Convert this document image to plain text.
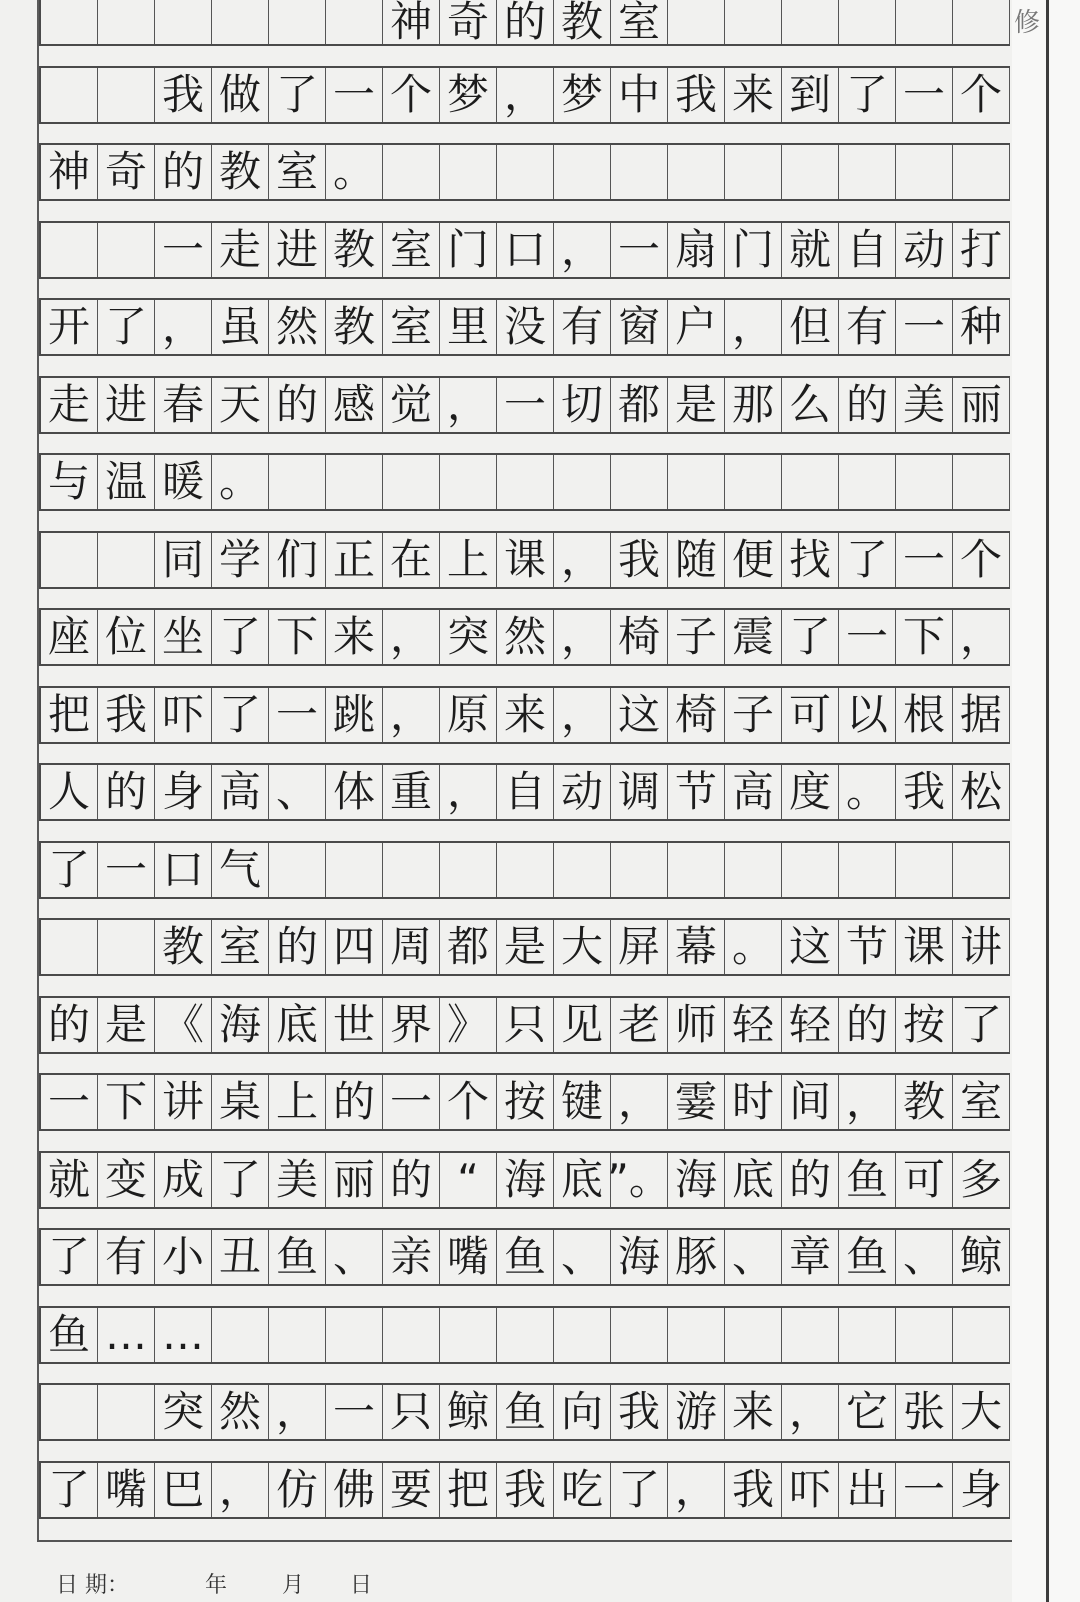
修
神 奇 的 教 室
我 做 了 一 个 梦 ， 梦 中 我 来 到 了 一 个
神 奇 的 教 室 。
一 走 进 教 室 门 口 ， 一 扇 门 就 自 动 打
开 了 ， 虽 然 教 室 里 没 有 窗 户 ， 但 有 一 种
走 进 春 天 的 感 觉 ， 一 切 都 是 那 么 的 美 丽
与 温 暖 。
同 学 们 正 在 上 课 ， 我 随 便 找 了 一 个
座 位 坐 了 下 来 ， 突 然 ， 椅 子 震 了 一 下 ，
把 我 吓 了 一 跳 ， 原 来 ， 这 椅 子 可 以 根 据
人 的 身 高 、 体 重 ， 自 动 调 节 高 度 。 我 松
了 一 口 气
教 室 的 四 周 都 是 大 屏 幕 。 这 节 课 讲
的 是 《 海 底 世 界 》 只 见 老 师 轻 轻 的 按 了
一 下 讲 桌 上 的 一 个 按 键 ， 霎 时 间 ， 教 室
就 变 成 了 美 丽 的 “ 海 底 ”。 海 底 的 鱼 可 多
了 有 小 丑 鱼 、 亲 嘴 鱼 、 海 豚 、 章 鱼 、 鲸
鱼 … …
突 然 ， 一 只 鲸 鱼 向 我 游 来 ， 它 张 大
了 嘴 巴 ， 仿 佛 要 把 我 吃 了 ， 我 吓 出 一 身
日 期：	年 月 日
